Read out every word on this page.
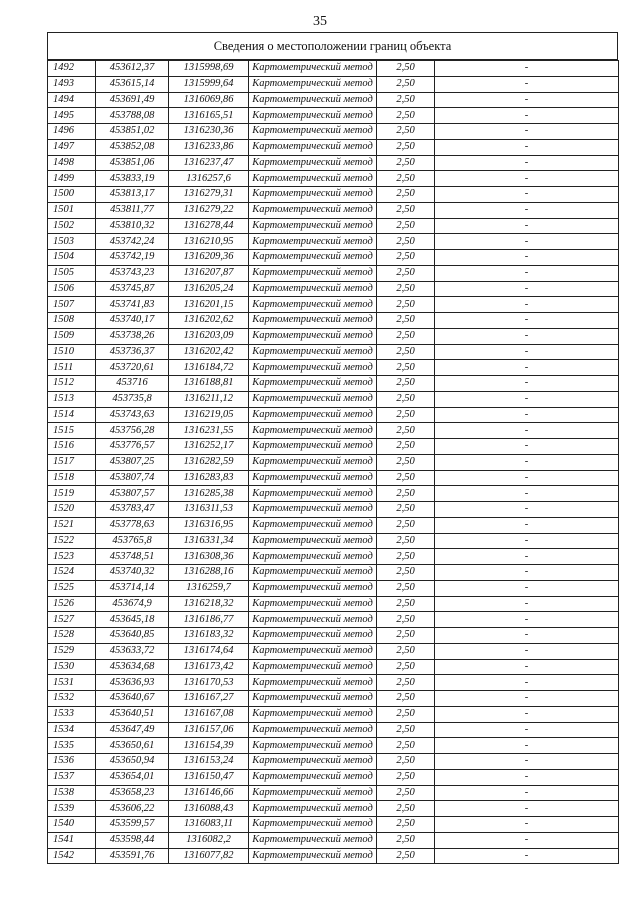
35
Сведения о местоположении границ объекта
1492	453612,37	1315998,69	Картометрический метод	2,50	-
1493	453615,14	1315999,64	Картометрический метод	2,50	-
1494	453691,49	1316069,86	Картометрический метод	2,50	-
1495	453788,08	1316165,51	Картометрический метод	2,50	-
1496	453851,02	1316230,36	Картометрический метод	2,50	-
1497	453852,08	1316233,86	Картометрический метод	2,50	-
1498	453851,06	1316237,47	Картометрический метод	2,50	-
1499	453833,19	1316257,6	Картометрический метод	2,50	-
1500	453813,17	1316279,31	Картометрический метод	2,50	-
1501	453811,77	1316279,22	Картометрический метод	2,50	-
1502	453810,32	1316278,44	Картометрический метод	2,50	-
1503	453742,24	1316210,95	Картометрический метод	2,50	-
1504	453742,19	1316209,36	Картометрический метод	2,50	-
1505	453743,23	1316207,87	Картометрический метод	2,50	-
1506	453745,87	1316205,24	Картометрический метод	2,50	-
1507	453741,83	1316201,15	Картометрический метод	2,50	-
1508	453740,17	1316202,62	Картометрический метод	2,50	-
1509	453738,26	1316203,09	Картометрический метод	2,50	-
1510	453736,37	1316202,42	Картометрический метод	2,50	-
1511	453720,61	1316184,72	Картометрический метод	2,50	-
1512	453716	1316188,81	Картометрический метод	2,50	-
1513	453735,8	1316211,12	Картометрический метод	2,50	-
1514	453743,63	1316219,05	Картометрический метод	2,50	-
1515	453756,28	1316231,55	Картометрический метод	2,50	-
1516	453776,57	1316252,17	Картометрический метод	2,50	-
1517	453807,25	1316282,59	Картометрический метод	2,50	-
1518	453807,74	1316283,83	Картометрический метод	2,50	-
1519	453807,57	1316285,38	Картометрический метод	2,50	-
1520	453783,47	1316311,53	Картометрический метод	2,50	-
1521	453778,63	1316316,95	Картометрический метод	2,50	-
1522	453765,8	1316331,34	Картометрический метод	2,50	-
1523	453748,51	1316308,36	Картометрический метод	2,50	-
1524	453740,32	1316288,16	Картометрический метод	2,50	-
1525	453714,14	1316259,7	Картометрический метод	2,50	-
1526	453674,9	1316218,32	Картометрический метод	2,50	-
1527	453645,18	1316186,77	Картометрический метод	2,50	-
1528	453640,85	1316183,32	Картометрический метод	2,50	-
1529	453633,72	1316174,64	Картометрический метод	2,50	-
1530	453634,68	1316173,42	Картометрический метод	2,50	-
1531	453636,93	1316170,53	Картометрический метод	2,50	-
1532	453640,67	1316167,27	Картометрический метод	2,50	-
1533	453640,51	1316167,08	Картометрический метод	2,50	-
1534	453647,49	1316157,06	Картометрический метод	2,50	-
1535	453650,61	1316154,39	Картометрический метод	2,50	-
1536	453650,94	1316153,24	Картометрический метод	2,50	-
1537	453654,01	1316150,47	Картометрический метод	2,50	-
1538	453658,23	1316146,66	Картометрический метод	2,50	-
1539	453606,22	1316088,43	Картометрический метод	2,50	-
1540	453599,57	1316083,11	Картометрический метод	2,50	-
1541	453598,44	1316082,2	Картометрический метод	2,50	-
1542	453591,76	1316077,82	Картометрический метод	2,50	-
